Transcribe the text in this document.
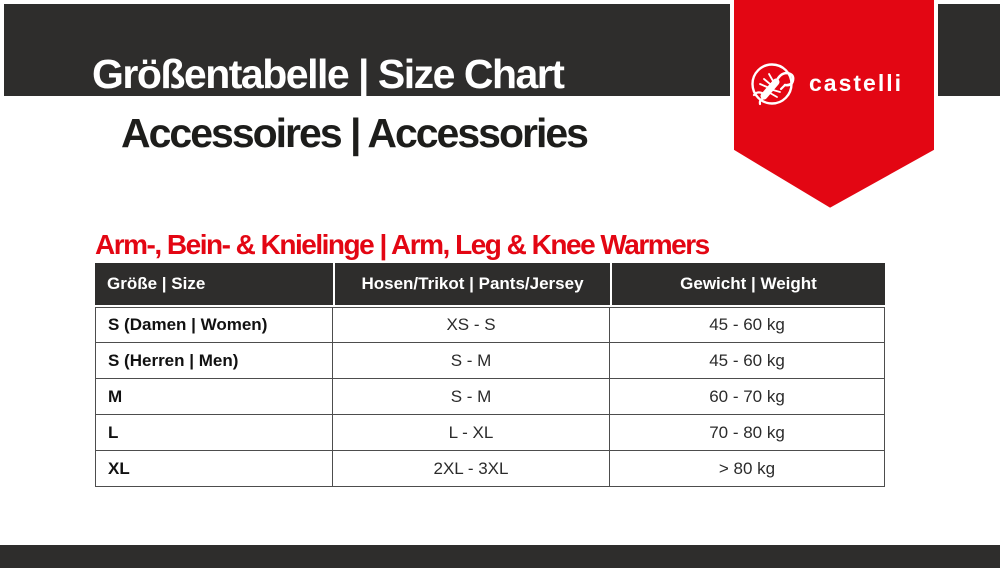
Größentabelle | Size Chart
Accessoires | Accessories
castelli
Arm-, Bein- & Knielinge | Arm, Leg & Knee Warmers
Größe | Size	Hosen/Trikot | Pants/Jersey	Gewicht | Weight
S (Damen | Women)	XS - S	45 - 60 kg
S (Herren | Men)	S - M	45 - 60 kg
M	S - M	60 - 70 kg
L	L - XL	70 - 80 kg
XL	2XL - 3XL	> 80 kg
